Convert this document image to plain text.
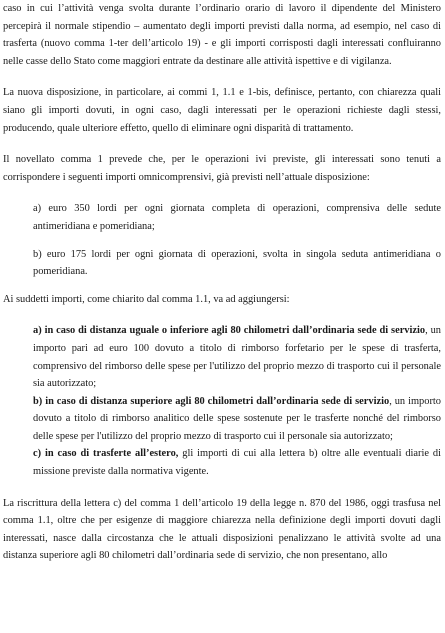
caso in cui l’attività venga svolta durante l’ordinario orario di lavoro il dipendente del Ministero percepirà il normale stipendio – aumentato degli importi previsti dalla norma, ad esempio, nel caso di trasferta (nuovo comma 1-ter dell’articolo 19) - e gli importi corrisposti dagli interessati confluiranno nelle casse dello Stato come maggiori entrate da destinare alle attività ispettive e di vigilanza.

La nuova disposizione, in particolare, ai commi 1, 1.1 e 1-bis, definisce, pertanto, con chiarezza quali siano gli importi dovuti, in ogni caso, dagli interessati per le operazioni richieste dagli stessi, producendo, quale ulteriore effetto, quello di eliminare ogni disparità di trattamento.

Il novellato comma 1 prevede che, per le operazioni ivi previste, gli interessati sono tenuti a corrispondere i seguenti importi omnicomprensivi, già previsti nell’attuale disposizione:

a) euro 350 lordi per ogni giornata completa di operazioni, comprensiva delle sedute antimeridiana e pomeridiana;

b) euro 175 lordi per ogni giornata di operazioni, svolta in singola seduta antimeridiana o pomeridiana.

Ai suddetti importi, come chiarito dal comma 1.1, va ad aggiungersi:

a) in caso di distanza uguale o inferiore agli 80 chilometri dall’ordinaria sede di servizio, un importo pari ad euro 100 dovuto a titolo di rimborso forfetario per le spese di trasferta, comprensivo del rimborso delle spese per l'utilizzo del proprio mezzo di trasporto cui il personale sia autorizzato;

b) in caso di distanza superiore agli 80 chilometri dall’ordinaria sede di servizio, un importo dovuto a titolo di rimborso analitico delle spese sostenute per le trasferte nonché del rimborso delle spese per l'utilizzo del proprio mezzo di trasporto cui il personale sia autorizzato;

c) in caso di trasferte all’estero, gli importi di cui alla lettera b) oltre alle eventuali diarie di missione previste dalla normativa vigente.

La riscrittura della lettera c) del comma 1 dell’articolo 19 della legge n. 870 del 1986, oggi trasfusa nel comma 1.1, oltre che per esigenze di maggiore chiarezza nella definizione degli importi dovuti dagli interessati, nasce dalla circostanza che le attuali disposizioni penalizzano le attività svolte ad una distanza superiore agli 80 chilometri dall’ordinaria sede di servizio, che non presentano, allo
